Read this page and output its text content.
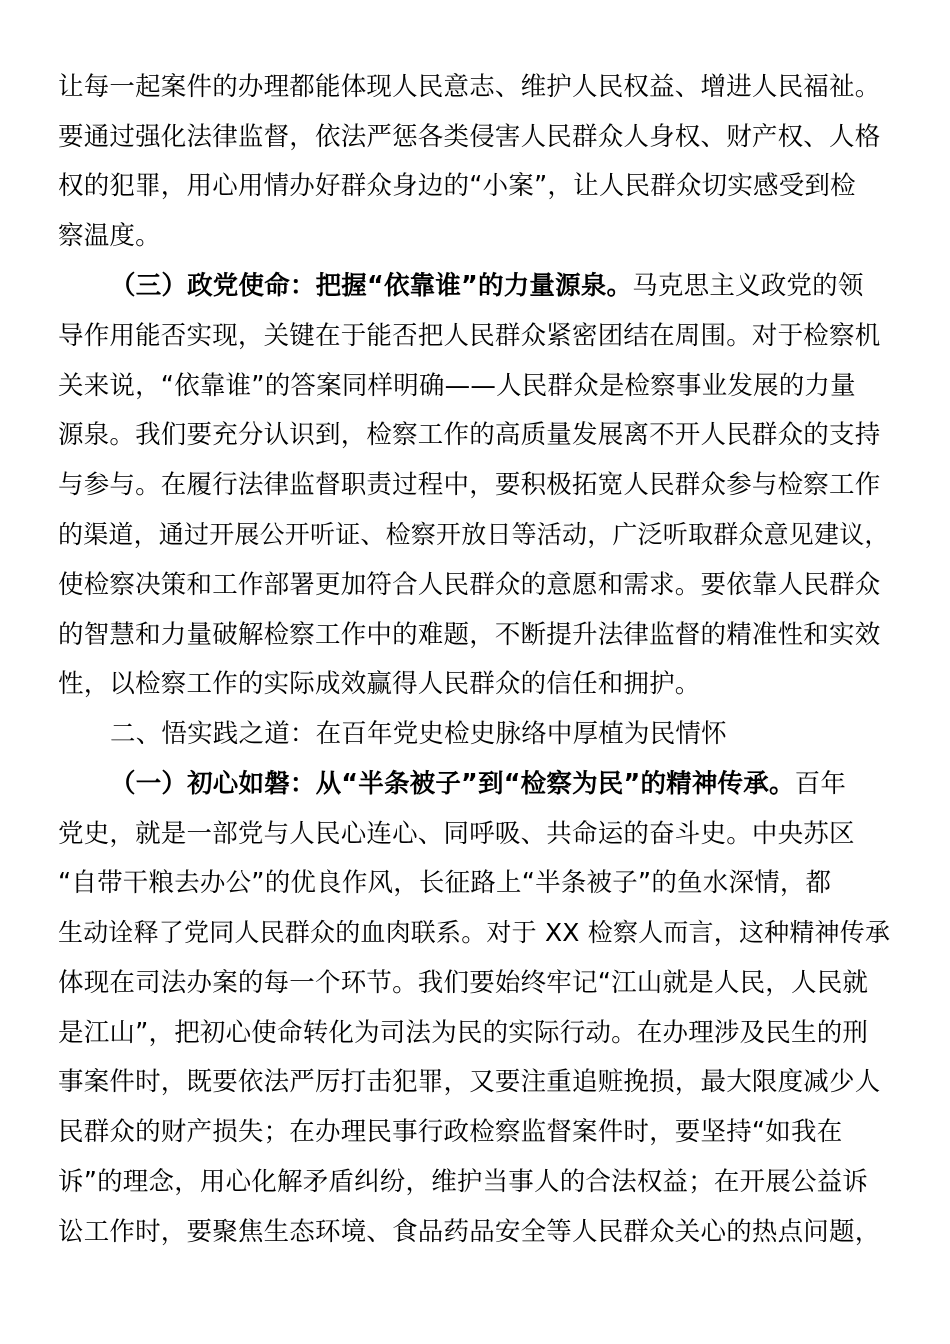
让每一起案件的办理都能体现人民意志、维护人民权益、增进人民福祉。
要通过强化法律监督，依法严惩各类侵害人民群众人身权、财产权、人格
权的犯罪，用心用情办好群众身边的“小案”，让人民群众切实感受到检
察温度。
（三）政党使命：把握“依靠谁”的力量源泉。马克思主义政党的领
导作用能否实现，关键在于能否把人民群众紧密团结在周围。对于检察机
关来说，“依靠谁”的答案同样明确——人民群众是检察事业发展的力量
源泉。我们要充分认识到，检察工作的高质量发展离不开人民群众的支持
与参与。在履行法律监督职责过程中，要积极拓宽人民群众参与检察工作
的渠道，通过开展公开听证、检察开放日等活动，广泛听取群众意见建议，
使检察决策和工作部署更加符合人民群众的意愿和需求。要依靠人民群众
的智慧和力量破解检察工作中的难题，不断提升法律监督的精准性和实效
性，以检察工作的实际成效赢得人民群众的信任和拥护。
二、悟实践之道：在百年党史检史脉络中厚植为民情怀
（一）初心如磐：从“半条被子”到“检察为民”的精神传承。百年
党史，就是一部党与人民心连心、同呼吸、共命运的奋斗史。中央苏区
“自带干粮去办公”的优良作风，长征路上“半条被子”的鱼水深情，都
生动诠释了党同人民群众的血肉联系。对于 XX 检察人而言，这种精神传承
体现在司法办案的每一个环节。我们要始终牢记“江山就是人民，人民就
是江山”，把初心使命转化为司法为民的实际行动。在办理涉及民生的刑
事案件时，既要依法严厉打击犯罪，又要注重追赃挽损，最大限度减少人
民群众的财产损失；在办理民事行政检察监督案件时，要坚持“如我在
诉”的理念，用心化解矛盾纠纷，维护当事人的合法权益；在开展公益诉
讼工作时，要聚焦生态环境、食品药品安全等人民群众关心的热点问题，
